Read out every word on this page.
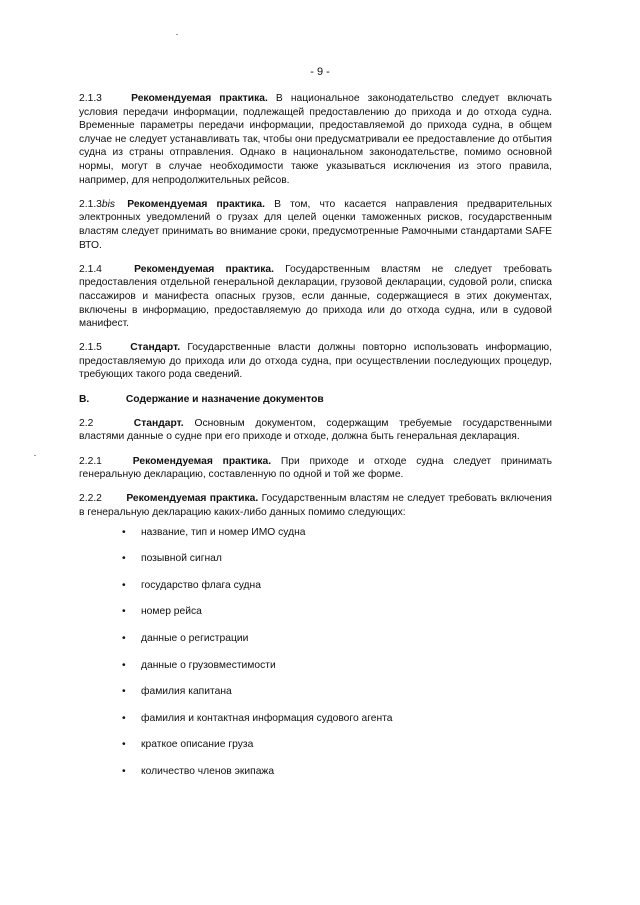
- 9 -

2.1.3	Рекомендуемая практика. В национальное законодательство следует включать условия передачи информации, подлежащей предоставлению до прихода и до отхода судна. Временные параметры передачи информации, предоставляемой до прихода судна, в общем случае не следует устанавливать так, чтобы они предусматривали ее предоставление до отбытия судна из страны отправления. Однако в национальном законодательстве, помимо основной нормы, могут в случае необходимости также указываться исключения из этого правила, например, для непродолжительных рейсов.

2.1.3bis Рекомендуемая практика. В том, что касается направления предварительных электронных уведомлений о грузах для целей оценки таможенных рисков, государственным властям следует принимать во внимание сроки, предусмотренные Рамочными стандартами SAFE ВТО.

2.1.4	Рекомендуемая практика. Государственным властям не следует требовать предоставления отдельной генеральной декларации, грузовой декларации, судовой роли, списка пассажиров и манифеста опасных грузов, если данные, содержащиеся в этих документах, включены в информацию, предоставляемую до прихода или до отхода судна, или в судовой манифест.

2.1.5	Стандарт. Государственные власти должны повторно использовать информацию, предоставляемую до прихода или до отхода судна, при осуществлении последующих процедур, требующих такого рода сведений.

B.	Содержание и назначение документов

2.2	Стандарт. Основным документом, содержащим требуемые государственными властями данные о судне при его приходе и отходе, должна быть генеральная декларация.

2.2.1	Рекомендуемая практика. При приходе и отходе судна следует принимать генеральную декларацию, составленную по одной и той же форме.

2.2.2 Рекомендуемая практика. Государственным властям не следует требовать включения в генеральную декларацию каких-либо данных помимо следующих:

• название, тип и номер ИМО судна
• позывной сигнал
• государство флага судна
• номер рейса
• данные о регистрации
• данные о грузовместимости
• фамилия капитана
• фамилия и контактная информация судового агента
• краткое описание груза
• количество членов экипажа
